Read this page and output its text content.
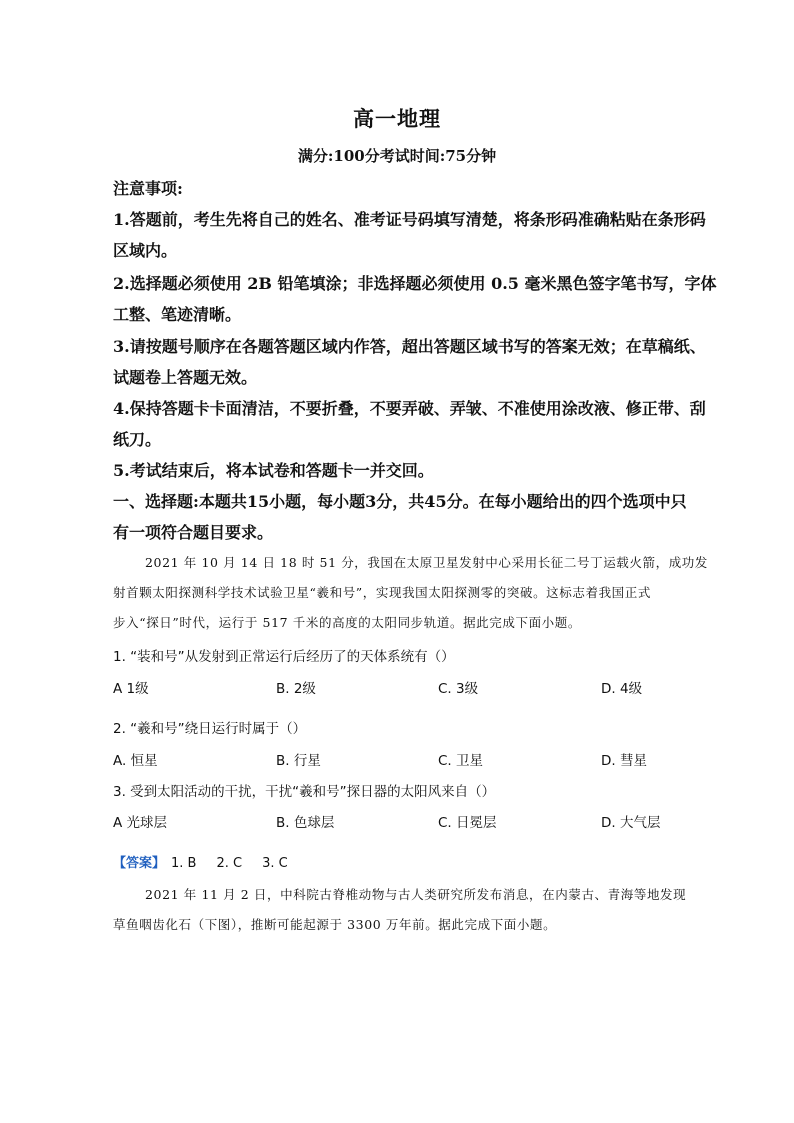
高一地理
满分:100分考试时间:75分钟
注意事项:
1.答题前，考生先将自己的姓名、准考证号码填写清楚，将条形码准确粘贴在条形码
区域内。
2.选择题必须使用 2B 铅笔填涂；非选择题必须使用 0.5 毫米黑色签字笔书写，字体
工整、笔迹清晰。
3.请按题号顺序在各题答题区域内作答，超出答题区域书写的答案无效；在草稿纸、
试题卷上答题无效。
4.保持答题卡卡面清洁，不要折叠，不要弄破、弄皱、不准使用涂改液、修正带、刮
纸刀。
5.考试结束后，将本试卷和答题卡一并交回。
一、选择题:本题共15小题，每小题3分，共45分。在每小题给出的四个选项中只
有一项符合题目要求。
2021 年 10 月 14 日 18 时 51 分，我国在太原卫星发射中心采用长征二号丁运载火箭，成功发
射首颗太阳探测科学技术试验卫星“羲和号”，实现我国太阳探测零的突破。这标志着我国正式
步入“探日”时代，运行于 517 千米的高度的太阳同步轨道。据此完成下面小题。
1. “装和号”从发射到正常运行后经历了的天体系统有（）
A 1级	B. 2级	C. 3级	D. 4级
2. “羲和号”绕日运行时属于（）
A. 恒星	B. 行星	C. 卫星	D. 彗星
3. 受到太阳活动的干扰，干扰“羲和号”探日器的太阳风来自（）
A 光球层	B. 色球层	C. 日冕层	D. 大气层
【答案】 1. B 2. C 3. C
2021 年 11 月 2 日，中科院古脊椎动物与古人类研究所发布消息，在内蒙古、青海等地发现
草鱼咽齿化石（下图），推断可能起源于 3300 万年前。据此完成下面小题。
